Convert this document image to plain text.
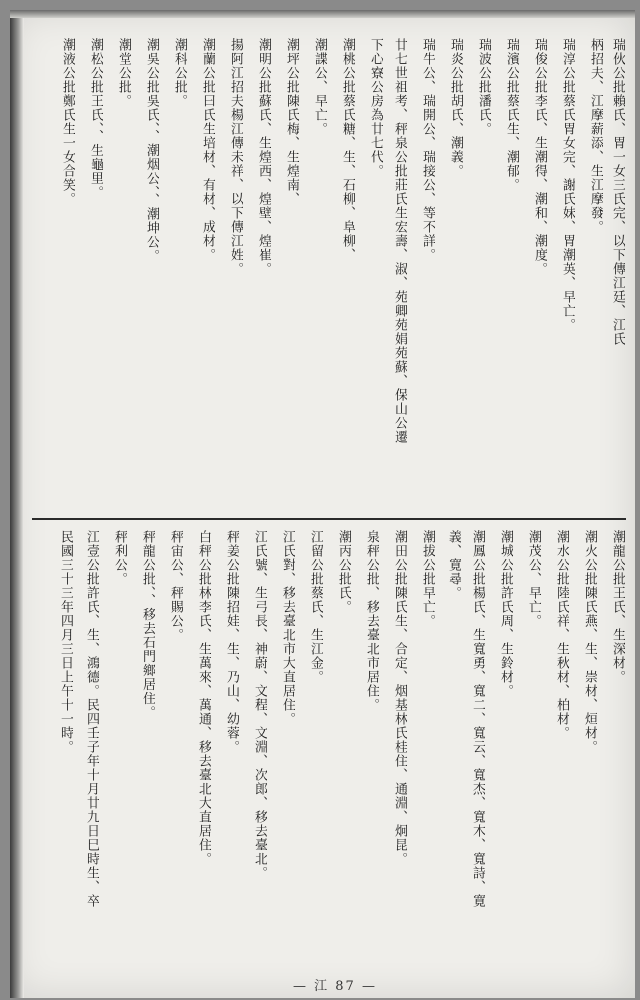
瑞伙公批賴氏、胃一女三氏完、以下傳江廷、江氏
柄招夫、江摩薪添、生江摩發。
瑞淳公批蔡氏胃女完、謝氏妹、胃潮英、早亡。
瑞俊公批李氏、生潮得、潮和、潮度。
瑞濱公批蔡氏生、潮郁。
瑞波公批潘氏。
瑞炎公批胡氏、潮義。
瑞牛公、瑞開公、瑞接公、等不詳。
廿七世祖考、秤泉公批莊氏生宏壽、淑、苑卿苑娟苑蘇、保山公遷
下心寮公房為廿七代。
潮桃公批蔡氏糖、生、石柳、阜柳、
潮諜公、早亡。
潮坪公批陳氏梅、生煌南、
潮明公批蘇氏、生煌西、煌壁、煌崔。
揚阿江招夫楊江傳未祥、以下傳江姓。
潮蘭公批曰氏生培材、有材、成材。
潮科公批。
潮吳公批吳氏、、潮烟公、、潮坤公。
潮堂公批。
潮松公批王氏、、生龜里。
潮液公批鄭氏生一女合笑。
潮龍公批王氏、生深材。
潮火公批陳氏燕、生、崇材、烜材。
潮水公批陸氏祥、生秋材、柏材。
潮茂公、早亡。
潮城公批許氏周、生鈴材。
潮鳳公批楊氏、生寬勇、寬二、寬云、寬杰、寬木、寬詩、寛
義、寛尋。
潮拔公批早亡。
潮田公批陳氏生、合定、烟基林氏桂住、通淵、炯昆。
泉秤公批、移去臺北市居住。
潮丙公批氏。
江留公批蔡氏、生江金。
江氏對、移去臺北市大直居住。
江氏號、生弓長、神蔚、文程、文淵、次郎、移去臺北。
秤姜公批陳招娃、生、乃山、幼蓉。
白秤公批林李氏、生萬來、萬通、移去臺北大直居住。
秤宙公、秤賜公。
秤龍公批、、移去石門鄉居住。
秤利公。
江壹公批許氏、生、鴻德。民四壬子年十月廿九日巳時生、卒
民國三十三年四月三日上午十一時。
— 江 87 —
